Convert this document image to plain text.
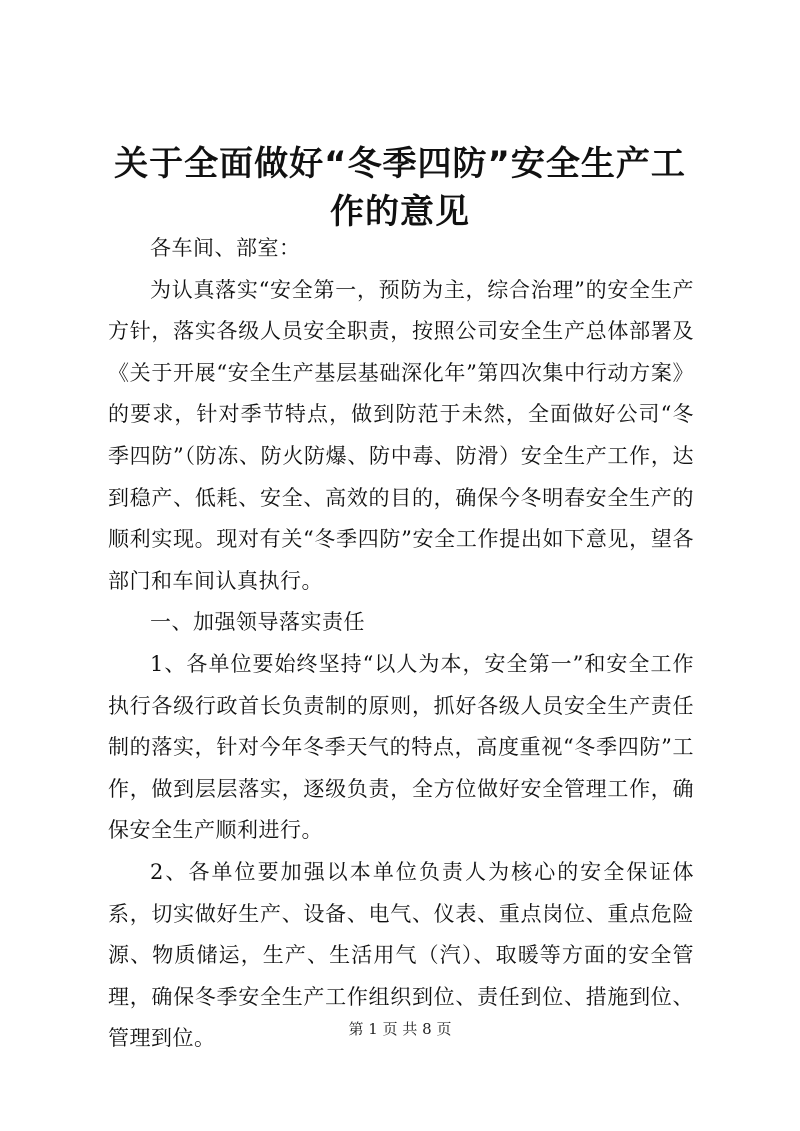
关于全面做好“冬季四防”安全生产工作的意见

各车间、部室：

为认真落实“安全第一，预防为主，综合治理”的安全生产方针，落实各级人员安全职责，按照公司安全生产总体部署及《关于开展“安全生产基层基础深化年”第四次集中行动方案》的要求，针对季节特点，做到防范于未然，全面做好公司“冬季四防”（防冻、防火防爆、防中毒、防滑）安全生产工作，达到稳产、低耗、安全、高效的目的，确保今冬明春安全生产的顺利实现。现对有关“冬季四防”安全工作提出如下意见，望各部门和车间认真执行。

一、加强领导落实责任

1、各单位要始终坚持“以人为本，安全第一”和安全工作执行各级行政首长负责制的原则，抓好各级人员安全生产责任制的落实，针对今年冬季天气的特点，高度重视“冬季四防”工作，做到层层落实，逐级负责，全方位做好安全管理工作，确保安全生产顺利进行。

2、各单位要加强以本单位负责人为核心的安全保证体系，切实做好生产、设备、电气、仪表、重点岗位、重点危险源、物质储运，生产、生活用气（汽）、取暖等方面的安全管理，确保冬季安全生产工作组织到位、责任到位、措施到位、管理到位。	第 1 页 共 8 页
